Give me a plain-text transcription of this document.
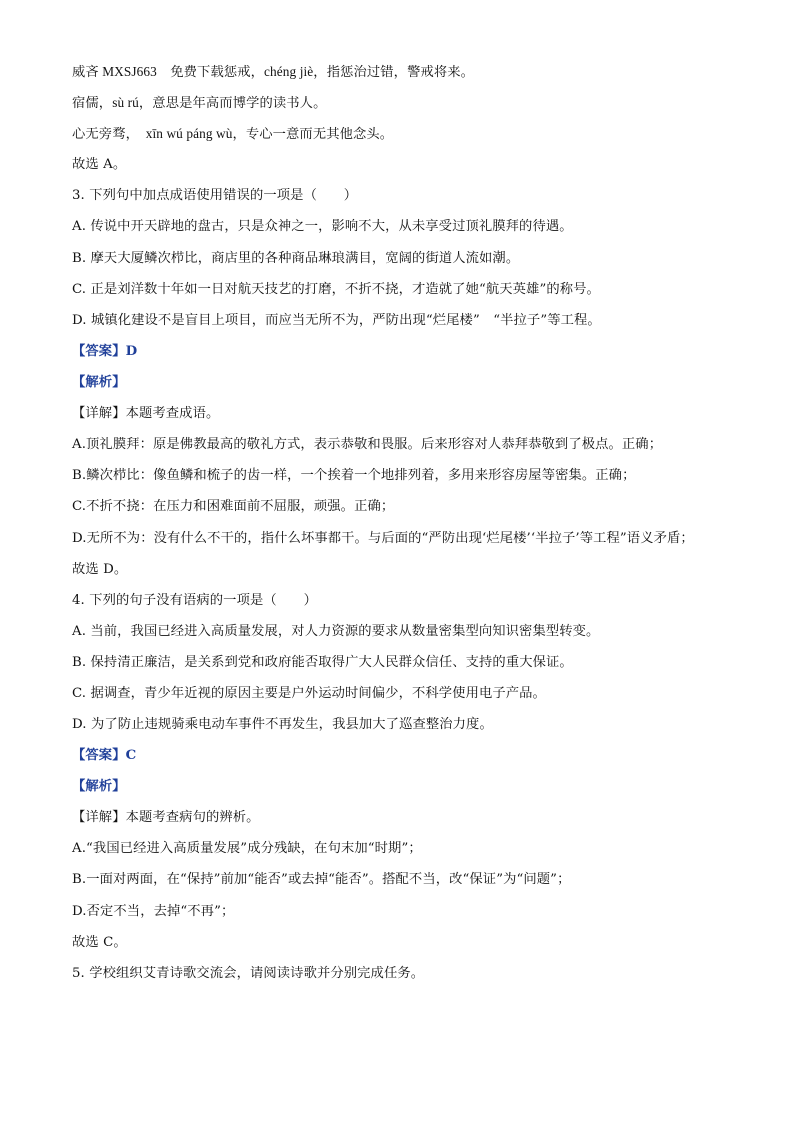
威吝 MXSJ663　免费下载惩戒，chéng jiè，指惩治过错，警戒将来。
宿儒，sù rú，意思是年高而博学的读书人。
心无旁骛，　xīn wú páng wù，专心一意而无其他念头。
故选 A。
3. 下列句中加点成语使用错误的一项是（　　）
A. 传说中开天辟地的盘古，只是众神之一，影响不大，从未享受过顶礼膜拜的待遇。
B. 摩天大厦鳞次栉比，商店里的各种商品琳琅满目，宽阔的街道人流如潮。
C. 正是刘洋数十年如一日对航天技艺的打磨，不折不挠，才造就了她“航天英雄”的称号。
D. 城镇化建设不是盲目上项目，而应当无所不为，严防出现“烂尾楼”　“半拉子”等工程。
【答案】D
【解析】
【详解】本题考查成语。
A.顶礼膜拜：原是佛教最高的敬礼方式，表示恭敬和畏服。后来形容对人恭拜恭敬到了极点。正确；
B.鳞次栉比：像鱼鳞和梳子的齿一样，一个挨着一个地排列着，多用来形容房屋等密集。正确；
C.不折不挠：在压力和困难面前不屈服，顽强。正确；
D.无所不为：没有什么不干的，指什么坏事都干。与后面的“严防出现‘烂尾楼’‘半拉子’等工程”语义矛盾；
故选 D。
4. 下列的句子没有语病的一项是（　　）
A. 当前，我国已经进入高质量发展，对人力资源的要求从数量密集型向知识密集型转变。
B. 保持清正廉洁，是关系到党和政府能否取得广大人民群众信任、支持的重大保证。
C. 据调查，青少年近视的原因主要是户外运动时间偏少，不科学使用电子产品。
D. 为了防止违规骑乘电动车事件不再发生，我县加大了巡查整治力度。
【答案】C
【解析】
【详解】本题考查病句的辨析。
A.“我国已经进入高质量发展”成分残缺，在句末加“时期”；
B.一面对两面，在“保持”前加“能否”或去掉“能否”。搭配不当，改“保证”为“问题”；
D.否定不当，去掉“不再”；
故选 C。
5. 学校组织艾青诗歌交流会，请阅读诗歌并分别完成任务。
